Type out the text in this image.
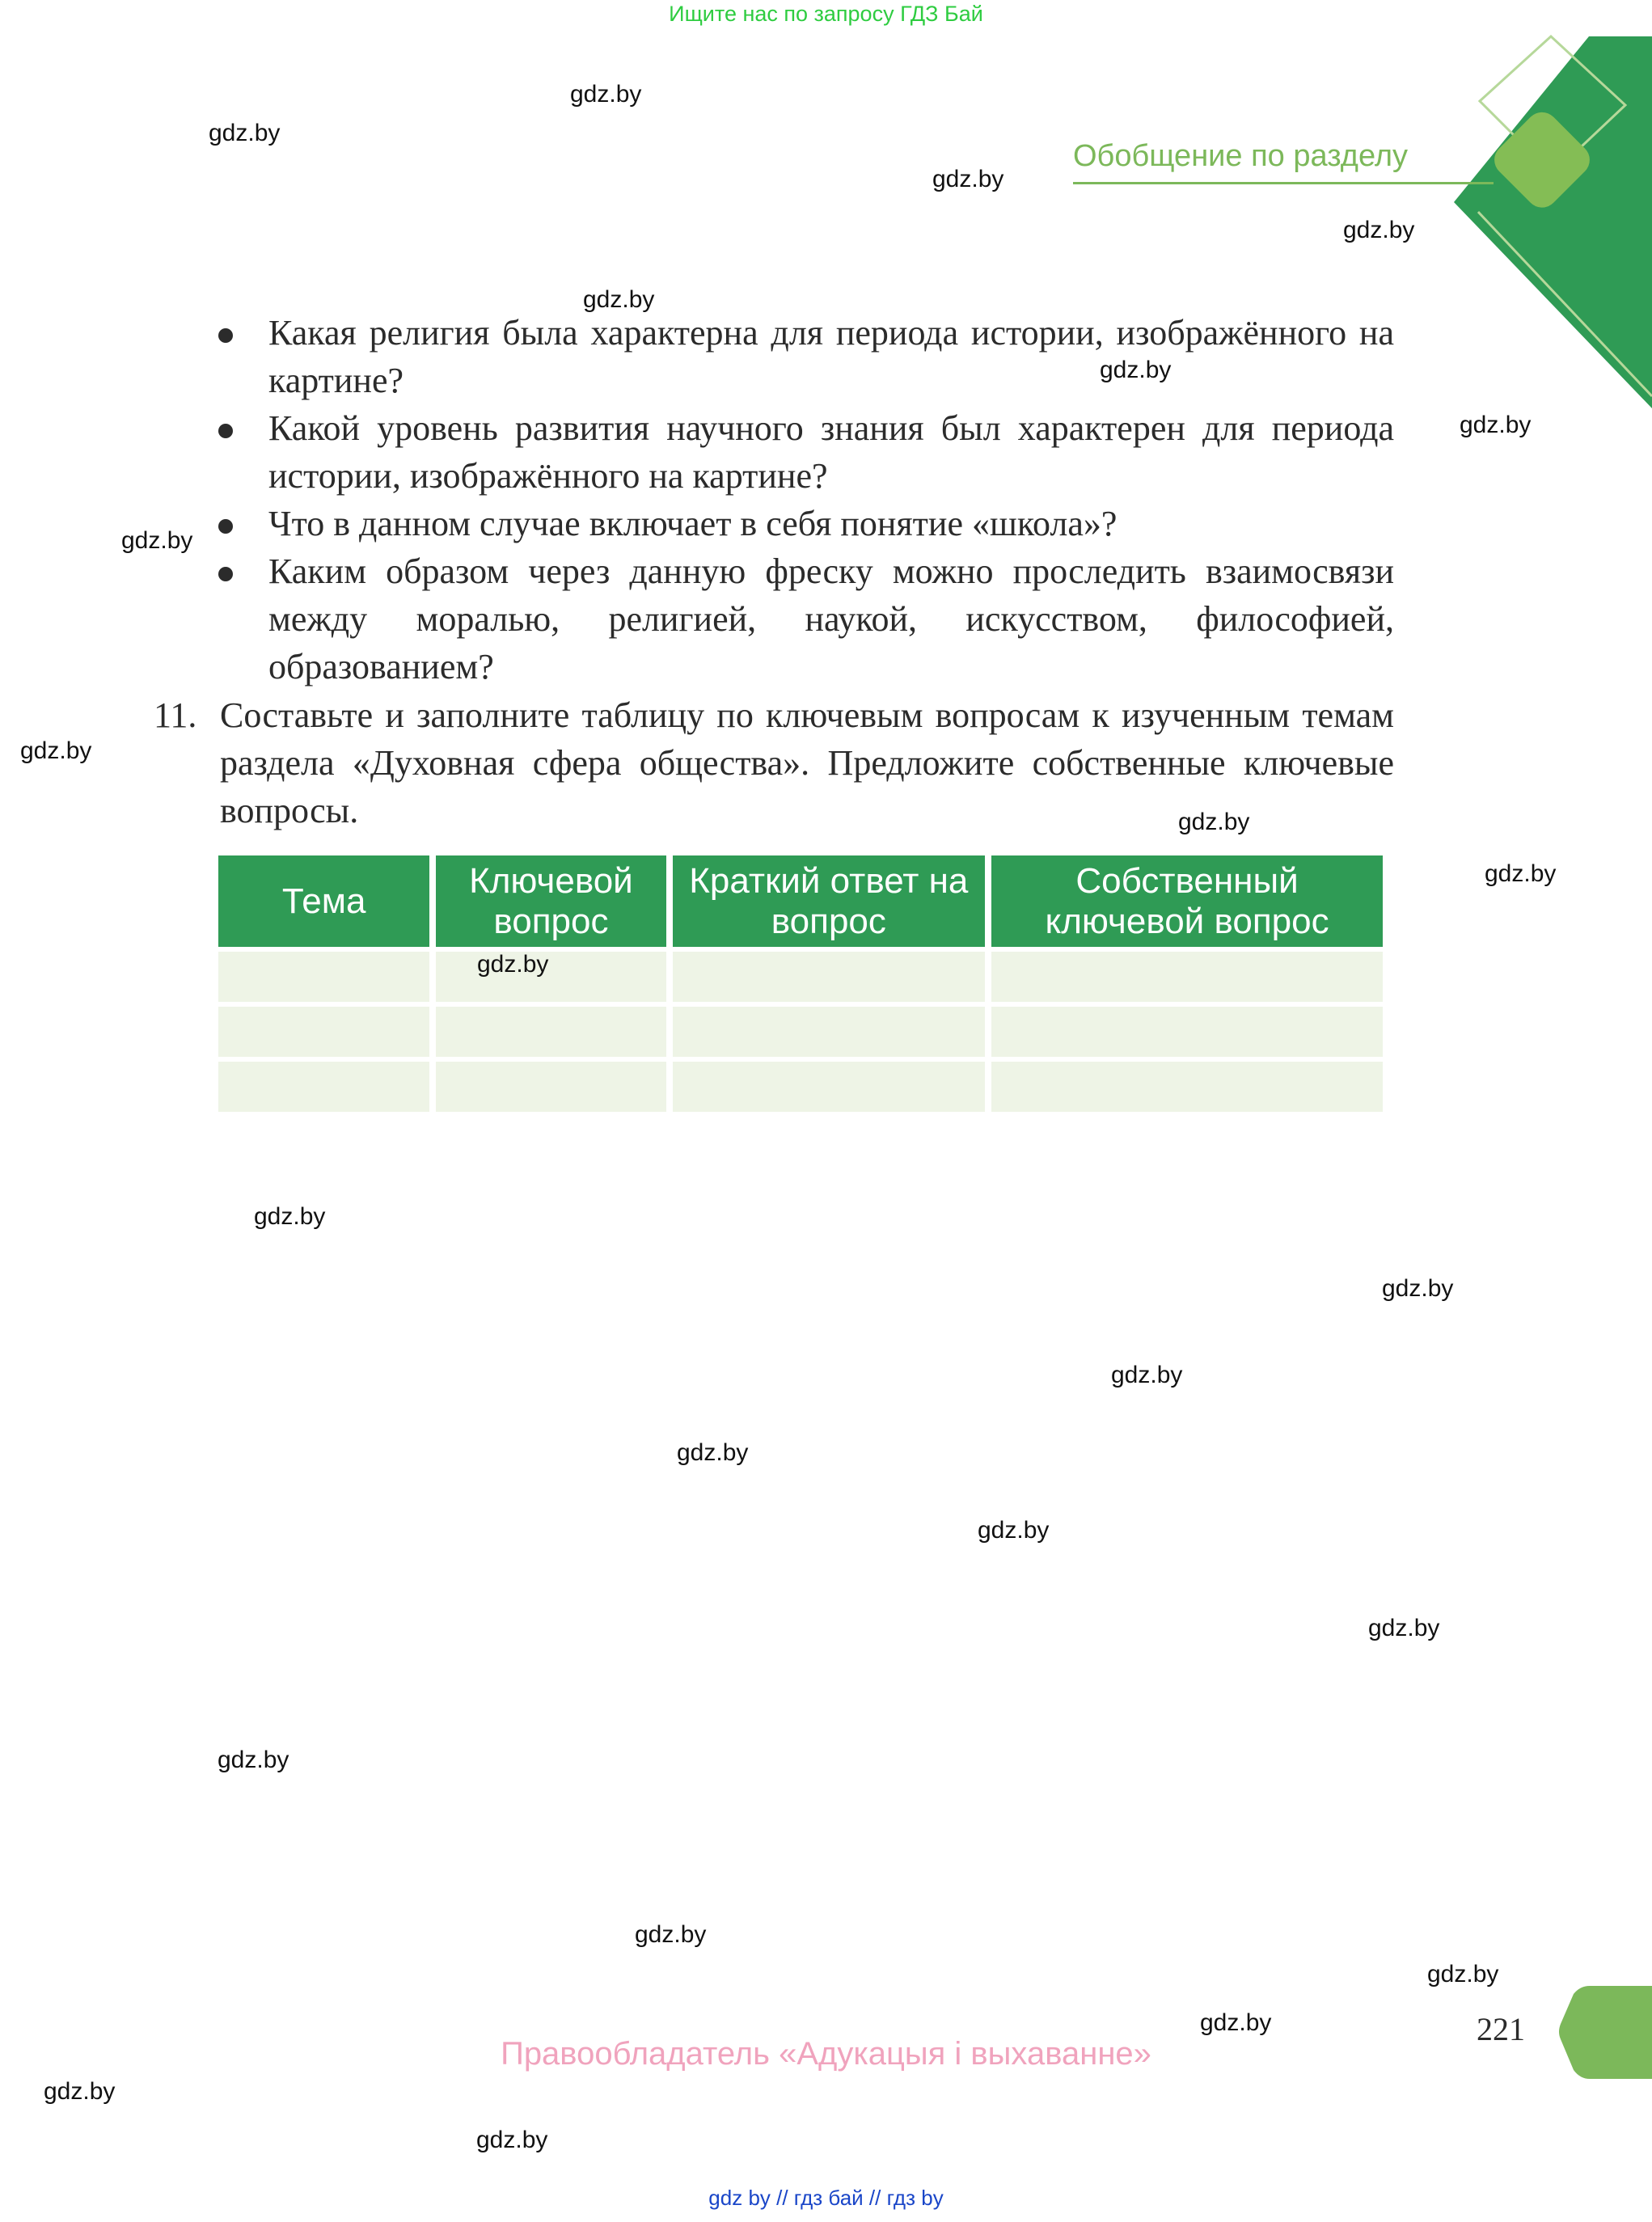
Ищите нас по запросу ГДЗ Бай
Обобщение по разделу
Какая религия была характерна для периода истории, изображённого на картине?
Какой уровень развития научного знания был характерен для периода истории, изображённого на картине?
Что в данном случае включает в себя понятие «школа»?
Каким образом через данную фреску можно проследить взаимосвязи между моралью, религией, наукой, искусством, философией, образованием?
11. Составьте и заполните таблицу по ключевым вопросам к изученным темам раздела «Духовная сфера общества». Предложите собственные ключевые вопросы.
Тема	Ключевой вопрос	Краткий ответ на вопрос	Собственный ключевой вопрос

gdz.by
gdz.by
gdz.by
gdz.by
gdz.by
gdz.by
gdz.by
gdz.by
gdz.by
gdz.by
gdz.by
gdz.by
gdz.by
gdz.by
gdz.by
gdz.by
gdz.by
gdz.by
gdz.by
gdz.by
gdz.by
gdz.by
gdz.by
gdz.by
221
Правообладатель «Адукацыя і выхаванне»
gdz by // гдз бай // гдз by
